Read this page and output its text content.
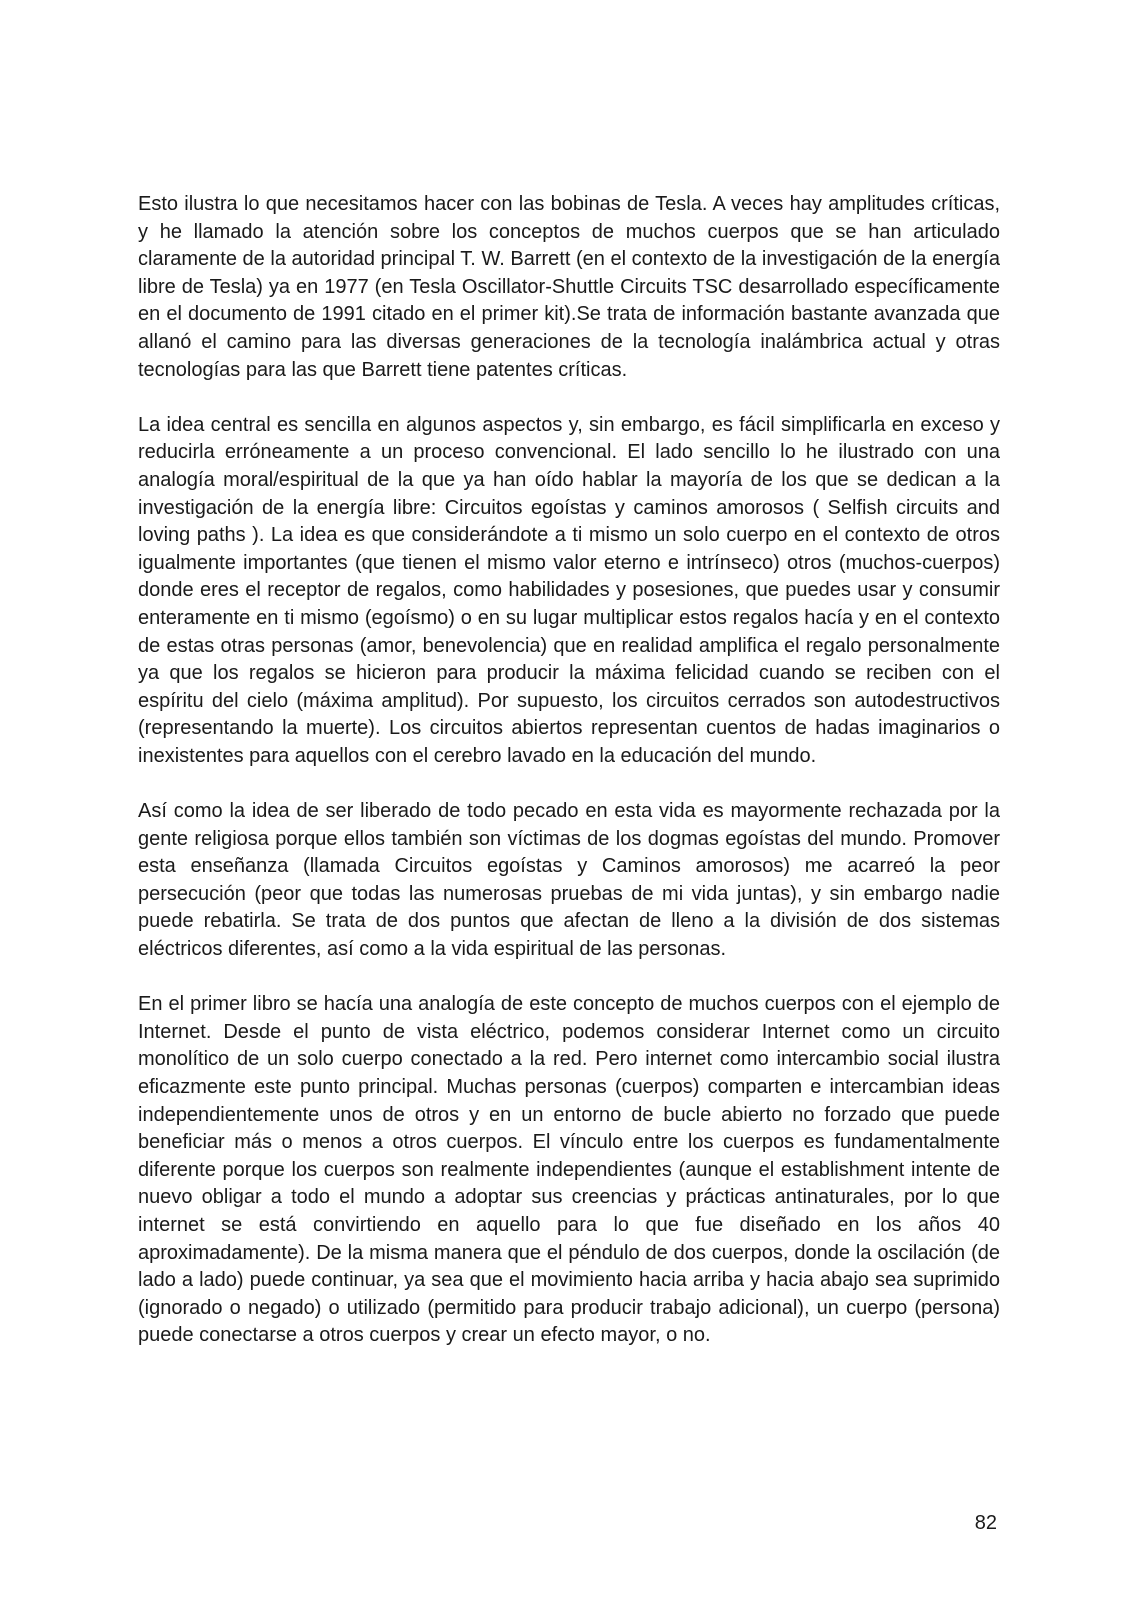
Esto ilustra lo que necesitamos hacer con las bobinas de Tesla. A veces hay amplitudes críticas, y he llamado la atención sobre los conceptos de muchos cuerpos que se han articulado claramente de la autoridad principal T. W. Barrett (en el contexto de la investigación de la energía libre de Tesla) ya en 1977 (en Tesla Oscillator-Shuttle Circuits TSC desarrollado específicamente en el documento de 1991 citado en el primer kit).Se trata de información bastante avanzada que allanó el camino para las diversas generaciones de la tecnología inalámbrica actual y otras tecnologías para las que Barrett tiene patentes críticas.

La idea central es sencilla en algunos aspectos y, sin embargo, es fácil simplificarla en exceso y reducirla erróneamente a un proceso convencional. El lado sencillo lo he ilustrado con una analogía moral/espiritual de la que ya han oído hablar la mayoría de los que se dedican a la investigación de la energía libre: Circuitos egoístas y caminos amorosos ( Selfish circuits and loving paths ). La idea es que considerándote a ti mismo un solo cuerpo en el contexto de otros igualmente importantes (que tienen el mismo valor eterno e intrínseco) otros (muchos-cuerpos) donde eres el receptor de regalos, como habilidades y posesiones, que puedes usar y consumir enteramente en ti mismo (egoísmo) o en su lugar multiplicar estos regalos hacía y en el contexto de estas otras personas (amor, benevolencia) que en realidad amplifica el regalo personalmente ya que los regalos se hicieron para producir la máxima felicidad cuando se reciben con el espíritu del cielo (máxima amplitud). Por supuesto, los circuitos cerrados son autodestructivos (representando la muerte). Los circuitos abiertos representan cuentos de hadas imaginarios o inexistentes para aquellos con el cerebro lavado en la educación del mundo.

Así como la idea de ser liberado de todo pecado en esta vida es mayormente rechazada por la gente religiosa porque ellos también son víctimas de los dogmas egoístas del mundo. Promover esta enseñanza (llamada Circuitos egoístas y Caminos amorosos) me acarreó la peor persecución (peor que todas las numerosas pruebas de mi vida juntas), y sin embargo nadie puede rebatirla. Se trata de dos puntos que afectan de lleno a la división de dos sistemas eléctricos diferentes, así como a la vida espiritual de las personas.

En el primer libro se hacía una analogía de este concepto de muchos cuerpos con el ejemplo de Internet. Desde el punto de vista eléctrico, podemos considerar Internet como un circuito monolítico de un solo cuerpo conectado a la red. Pero internet como intercambio social ilustra eficazmente este punto principal. Muchas personas (cuerpos) comparten e intercambian ideas independientemente unos de otros y en un entorno de bucle abierto no forzado que puede beneficiar más o menos a otros cuerpos. El vínculo entre los cuerpos es fundamentalmente diferente porque los cuerpos son realmente independientes (aunque el establishment intente de nuevo obligar a todo el mundo a adoptar sus creencias y prácticas antinaturales, por lo que internet se está convirtiendo en aquello para lo que fue diseñado en los años 40 aproximadamente). De la misma manera que el péndulo de dos cuerpos, donde la oscilación (de lado a lado) puede continuar, ya sea que el movimiento hacia arriba y hacia abajo sea suprimido (ignorado o negado) o utilizado (permitido para producir trabajo adicional), un cuerpo (persona) puede conectarse a otros cuerpos y crear un efecto mayor, o no.

82
